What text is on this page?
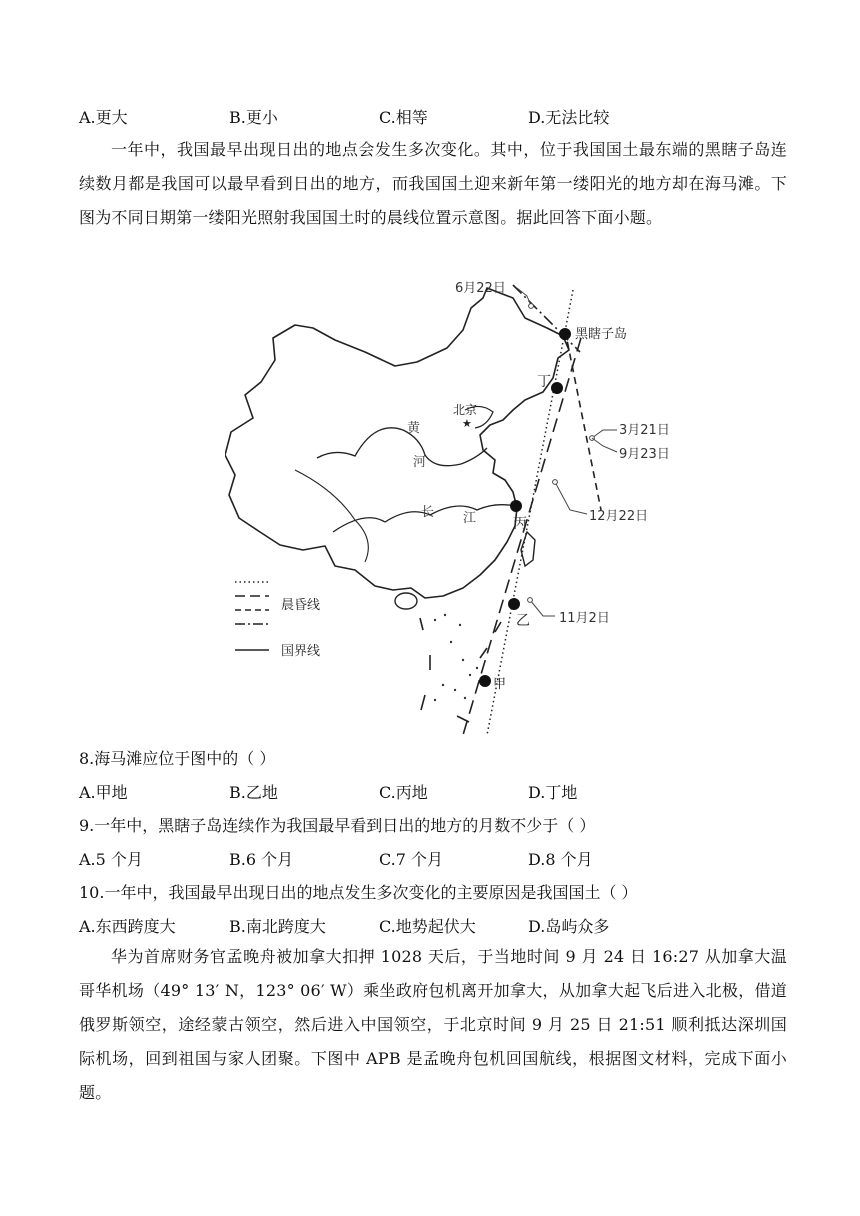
A.更大	B.更小	C.相等	D.无法比较
一年中，我国最早出现日出的地点会发生多次变化。其中，位于我国国土最东端的黑瞎子岛连续数月都是我国可以最早看到日出的地方，而我国国土迎来新年第一缕阳光的地方却在海马滩。下图为不同日期第一缕阳光照射我国国土时的晨线位置示意图。据此回答下面小题。
6月22日
3月21日
9月23日
12月22日
11月2日
黑瞎子岛
丁
丙
乙
甲
北京
★
黄
河
长 江
晨昏线
国界线
8.海马滩应位于图中的（ ）
A.甲地	B.乙地	C.丙地	D.丁地
9.一年中，黑瞎子岛连续作为我国最早看到日出的地方的月数不少于（ ）
A.5 个月	B.6 个月	C.7 个月	D.8 个月
10.一年中，我国最早出现日出的地点发生多次变化的主要原因是我国国土（ ）
A.东西跨度大	B.南北跨度大	C.地势起伏大	D.岛屿众多
华为首席财务官孟晚舟被加拿大扣押 1028 天后，于当地时间 9 月 24 日 16:27 从加拿大温哥华机场（49° 13′ N，123° 06′ W）乘坐政府包机离开加拿大，从加拿大起飞后进入北极，借道俄罗斯领空，途经蒙古领空，然后进入中国领空，于北京时间 9 月 25 日 21:51 顺利抵达深圳国际机场，回到祖国与家人团聚。下图中 APB 是孟晚舟包机回国航线，根据图文材料，完成下面小题。
